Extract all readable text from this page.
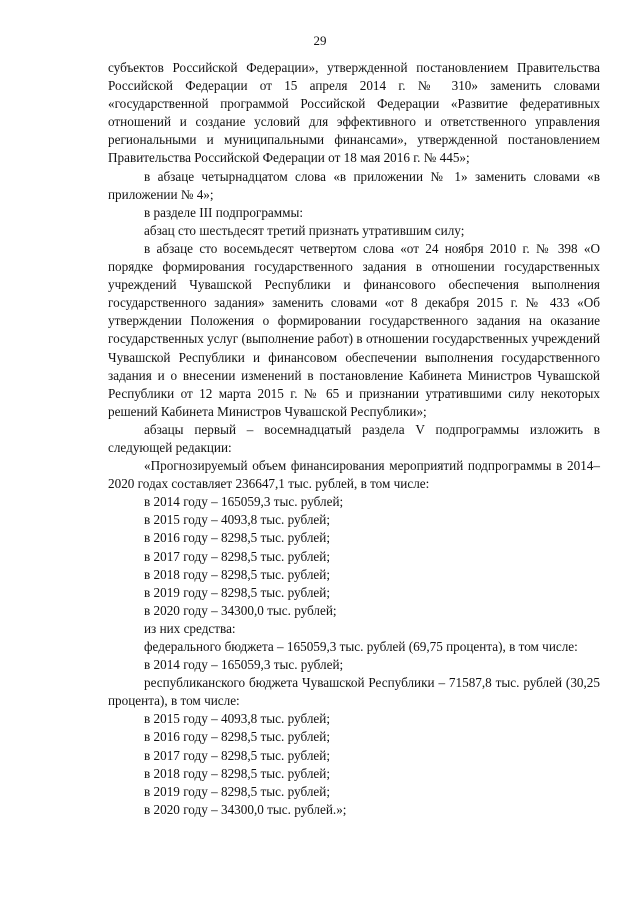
29

субъектов Российской Федерации», утвержденной постановлением Правительства Российской Федерации от 15 апреля 2014 г. № 310» заменить словами «государственной программой Российской Федерации «Развитие федеративных отношений и создание условий для эффективного и ответственного управления региональными и муниципальными финансами», утвержденной постановлением Правительства Российской Федерации от 18 мая 2016 г. № 445»;

в абзаце четырнадцатом слова «в приложении № 1» заменить словами «в приложении № 4»;

в разделе III подпрограммы:

абзац сто шестьдесят третий признать утратившим силу;

в абзаце сто восемьдесят четвертом слова «от 24 ноября 2010 г. № 398 «О порядке формирования государственного задания в отношении государственных учреждений Чувашской Республики и финансового обеспечения выполнения государственного задания» заменить словами «от 8 декабря 2015 г. № 433 «Об утверждении Положения о формировании государственного задания на оказание государственных услуг (выполнение работ) в отношении государственных учреждений Чувашской Республики и финансовом обеспечении выполнения государственного задания и о внесении изменений в постановление Кабинета Министров Чувашской Республики от 12 марта 2015 г. № 65 и признании утратившими силу некоторых решений Кабинета Министров Чувашской Республики»;

абзацы первый – восемнадцатый раздела V подпрограммы изложить в следующей редакции:

«Прогнозируемый объем финансирования мероприятий подпрограммы в 2014–2020 годах составляет 236647,1 тыс. рублей, в том числе:

в 2014 году – 165059,3 тыс. рублей;

в 2015 году – 4093,8 тыс. рублей;

в 2016 году – 8298,5 тыс. рублей;

в 2017 году – 8298,5 тыс. рублей;

в 2018 году – 8298,5 тыс. рублей;

в 2019 году – 8298,5 тыс. рублей;

в 2020 году – 34300,0 тыс. рублей;

из них средства:

федерального бюджета – 165059,3 тыс. рублей (69,75 процента), в том числе:

в 2014 году – 165059,3 тыс. рублей;

республиканского бюджета Чувашской Республики – 71587,8 тыс. рублей (30,25 процента), в том числе:

в 2015 году – 4093,8 тыс. рублей;

в 2016 году – 8298,5 тыс. рублей;

в 2017 году – 8298,5 тыс. рублей;

в 2018 году – 8298,5 тыс. рублей;

в 2019 году – 8298,5 тыс. рублей;

в 2020 году – 34300,0 тыс. рублей.»;
